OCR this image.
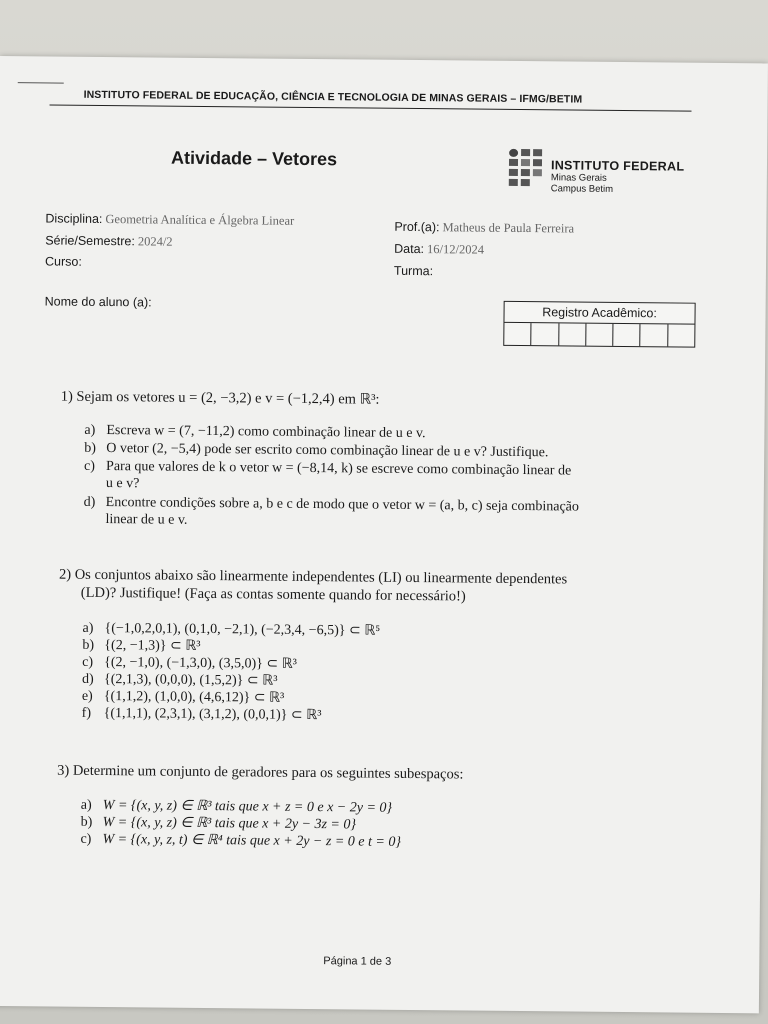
INSTITUTO FEDERAL DE EDUCAÇÃO, CIÊNCIA E TECNOLOGIA DE MINAS GERAIS – IFMG/BETIM
Atividade – Vetores	INSTITUTO FEDERAL
Minas Gerais
Campus Betim
Disciplina: Geometria Analítica e Álgebra Linear
Série/Semestre: 2024/2
Curso:
Prof.(a): Matheus de Paula Ferreira
Data: 16/12/2024
Turma:
Nome do aluno (a):
Registro Acadêmico:
1) Sejam os vetores u = (2, −3,2) e v = (−1,2,4) em ℝ³:
a) Escreva w = (7, −11,2) como combinação linear de u e v.
b) O vetor (2, −5,4) pode ser escrito como combinação linear de u e v? Justifique.
c) Para que valores de k o vetor w = (−8,14, k) se escreve como combinação linear de
u e v?
d) Encontre condições sobre a, b e c de modo que o vetor w = (a, b, c) seja combinação
linear de u e v.
2) Os conjuntos abaixo são linearmente independentes (LI) ou linearmente dependentes
(LD)? Justifique! (Faça as contas somente quando for necessário!)
a) {(−1,0,2,0,1), (0,1,0, −2,1), (−2,3,4, −6,5)} ⊂ ℝ⁵
b) {(2, −1,3)} ⊂ ℝ³
c) {(2, −1,0), (−1,3,0), (3,5,0)} ⊂ ℝ³
d) {(2,1,3), (0,0,0), (1,5,2)} ⊂ ℝ³
e) {(1,1,2), (1,0,0), (4,6,12)} ⊂ ℝ³
f) {(1,1,1), (2,3,1), (3,1,2), (0,0,1)} ⊂ ℝ³
3) Determine um conjunto de geradores para os seguintes subespaços:
a) W = {(x, y, z) ∈ ℝ³ tais que x + z = 0 e x − 2y = 0}
b) W = {(x, y, z) ∈ ℝ³ tais que x + 2y − 3z = 0}
c) W = {(x, y, z, t) ∈ ℝ⁴ tais que x + 2y − z = 0 e t = 0}
Página 1 de 3
